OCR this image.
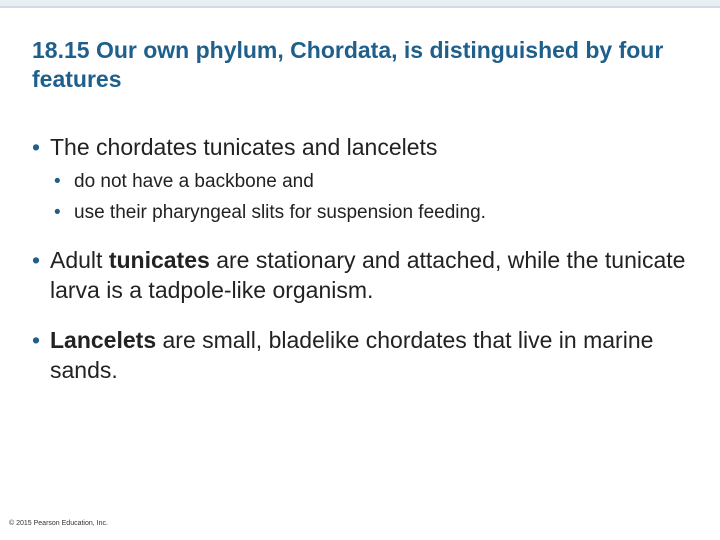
18.15 Our own phylum, Chordata, is distinguished by four features
• The chordates tunicates and lancelets
• do not have a backbone and
• use their pharyngeal slits for suspension feeding.
• Adult tunicates are stationary and attached, while the tunicate larva is a tadpole-like organism.
• Lancelets are small, bladelike chordates that live in marine sands.
© 2015 Pearson Education, Inc.
